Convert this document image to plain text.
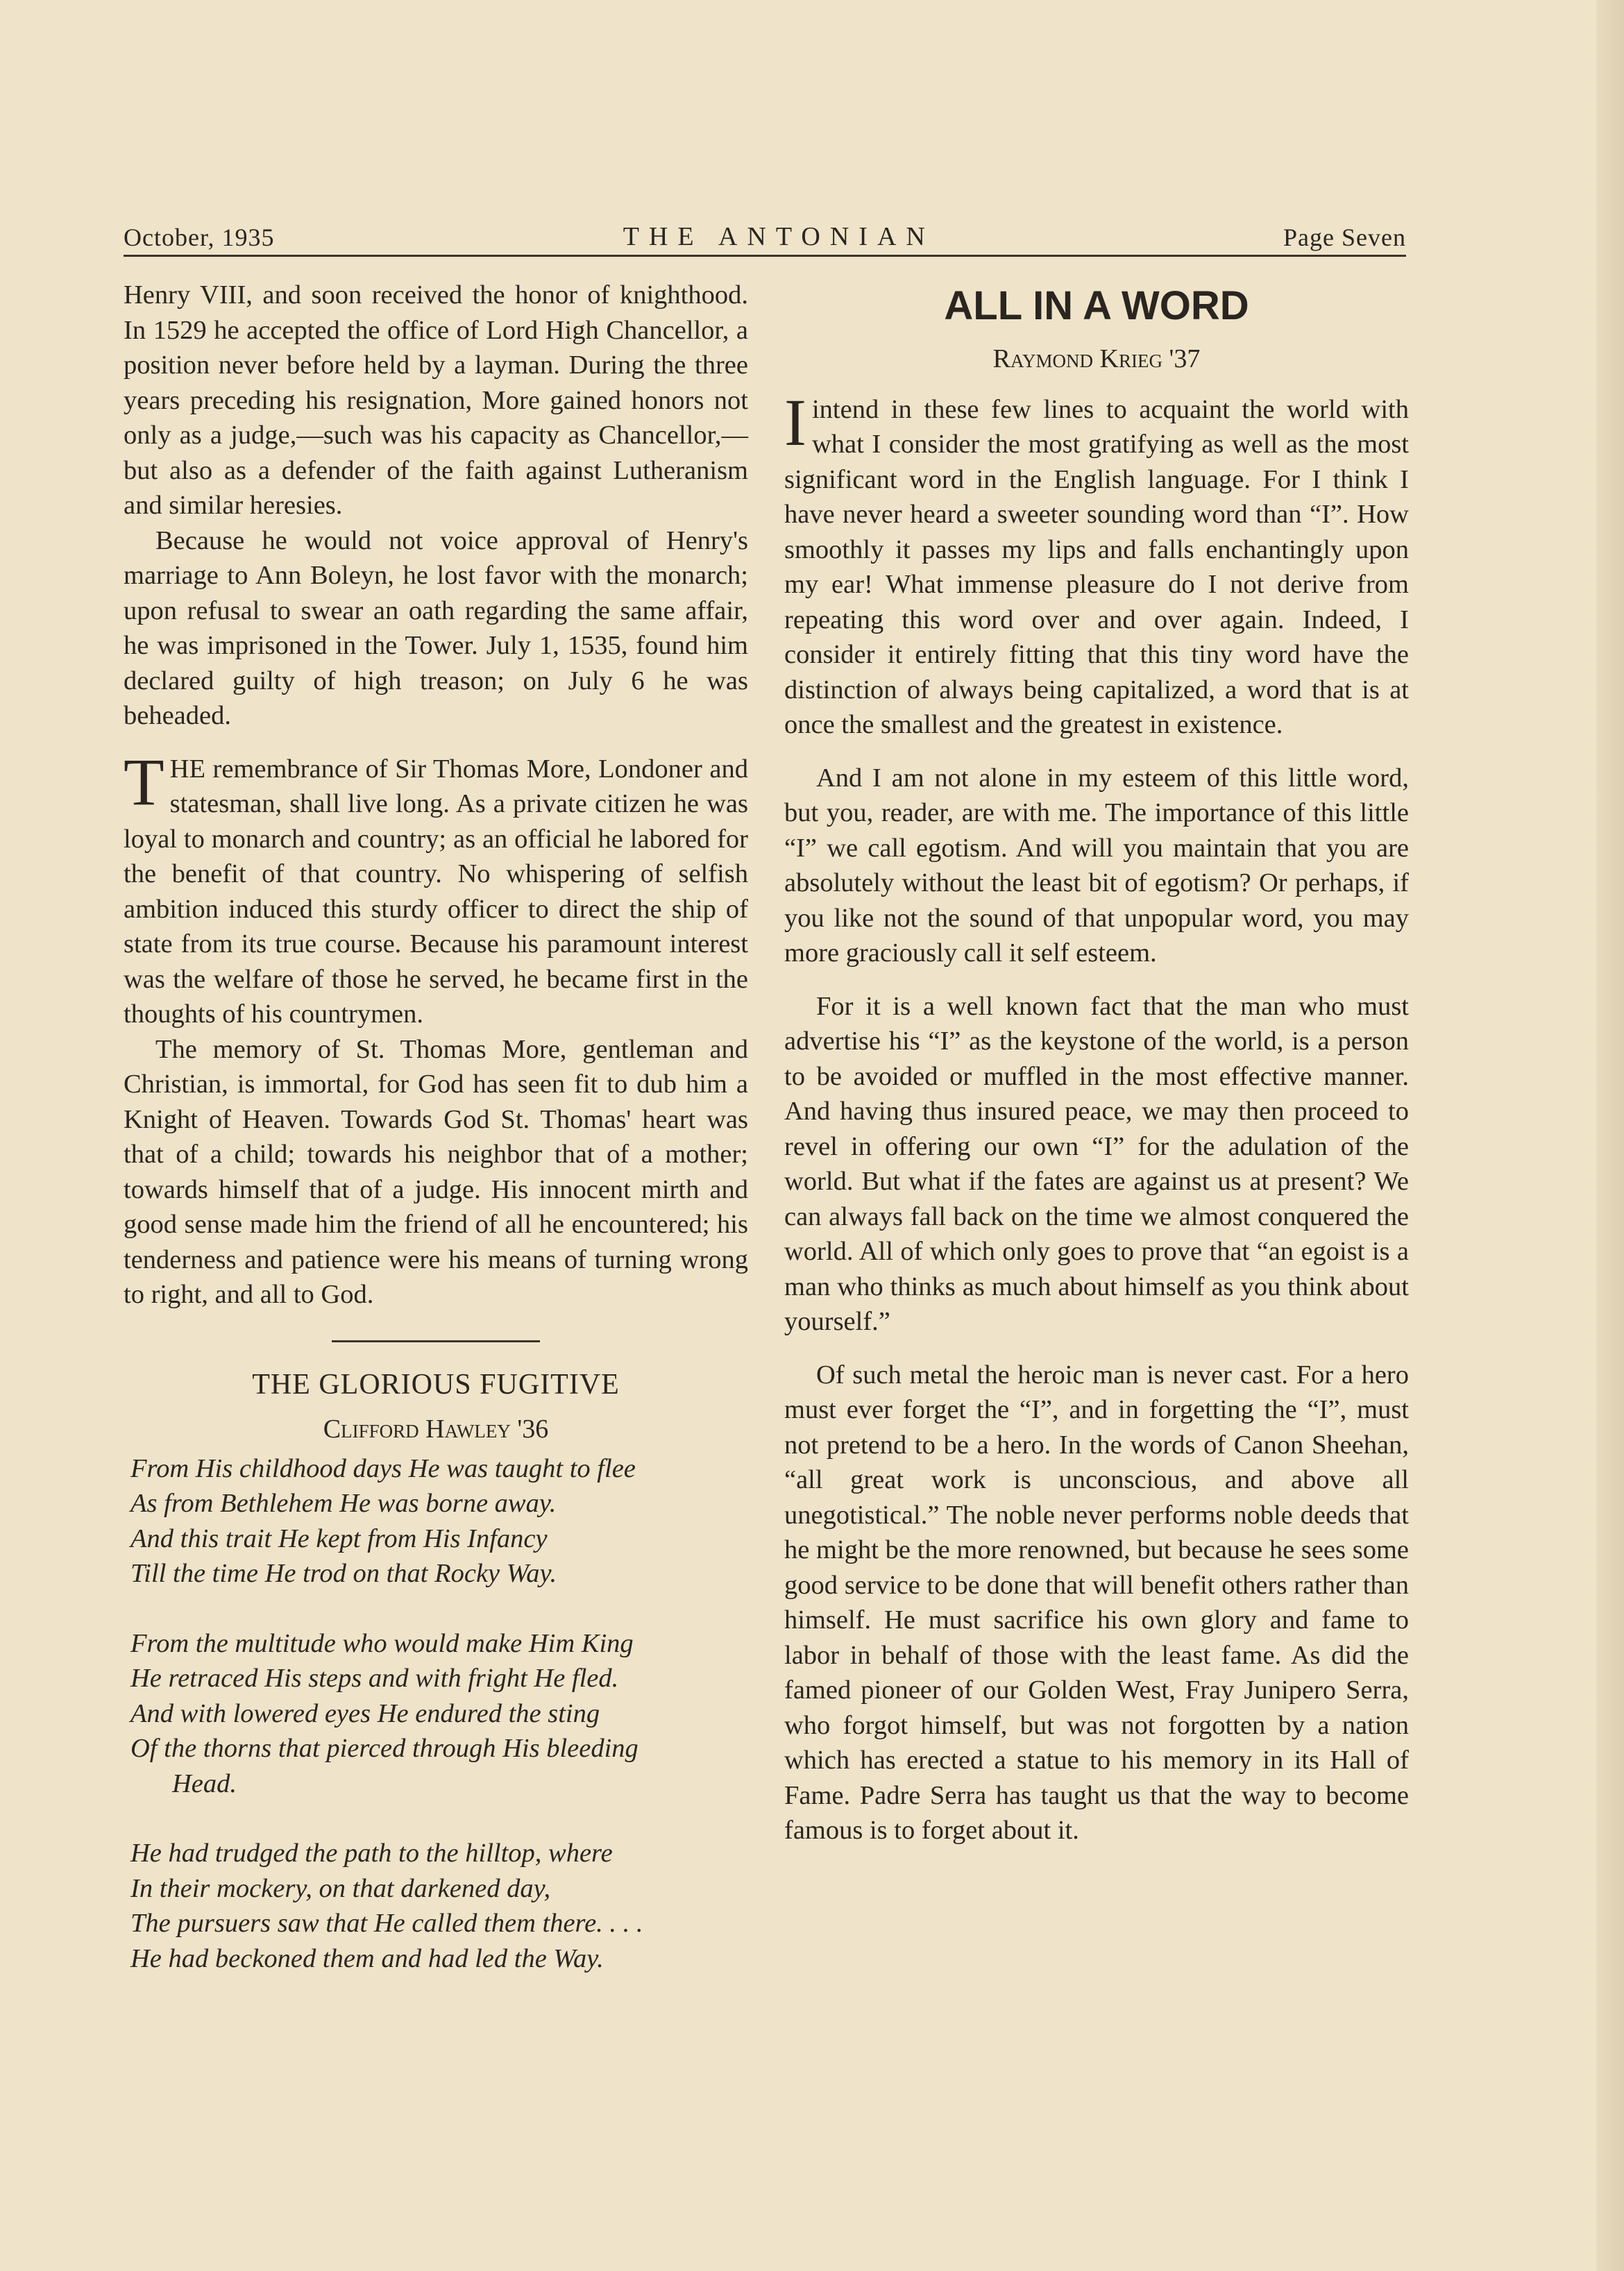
October, 1935	THE ANTONIAN	Page Seven

Henry VIII, and soon received the honor of knighthood. In 1529 he accepted the office of Lord High Chancellor, a position never before held by a layman. During the three years preceding his resignation, More gained honors not only as a judge,—such was his capacity as Chancellor,—but also as a defender of the faith against Lutheranism and similar heresies.

Because he would not voice approval of Henry's marriage to Ann Boleyn, he lost favor with the monarch; upon refusal to swear an oath regarding the same affair, he was imprisoned in the Tower. July 1, 1535, found him declared guilty of high treason; on July 6 he was beheaded.

THE remembrance of Sir Thomas More, Londoner and statesman, shall live long. As a private citizen he was loyal to monarch and country; as an official he labored for the benefit of that country. No whispering of selfish ambition induced this sturdy officer to direct the ship of state from its true course. Because his paramount interest was the welfare of those he served, he became first in the thoughts of his countrymen.

The memory of St. Thomas More, gentleman and Christian, is immortal, for God has seen fit to dub him a Knight of Heaven. Towards God St. Thomas' heart was that of a child; towards his neighbor that of a mother; towards himself that of a judge. His innocent mirth and good sense made him the friend of all he encountered; his tenderness and patience were his means of turning wrong to right, and all to God.

THE GLORIOUS FUGITIVE
Clifford Hawley '36
From His childhood days He was taught to flee
As from Bethlehem He was borne away.
And this trait He kept from His Infancy
Till the time He trod on that Rocky Way.
From the multitude who would make Him King
He retraced His steps and with fright He fled.
And with lowered eyes He endured the sting
Of the thorns that pierced through His bleeding
Head.
He had trudged the path to the hilltop, where
In their mockery, on that darkened day,
The pursuers saw that He called them there. . . .
He had beckoned them and had led the Way.
ALL IN A WORD
Raymond Krieg '37

Iintend in these few lines to acquaint the world with what I consider the most gratifying as well as the most significant word in the English language. For I think I have never heard a sweeter sounding word than “I”. How smoothly it passes my lips and falls enchantingly upon my ear! What immense pleasure do I not derive from repeating this word over and over again. Indeed, I consider it entirely fitting that this tiny word have the distinction of always being capitalized, a word that is at once the smallest and the greatest in existence.

And I am not alone in my esteem of this little word, but you, reader, are with me. The importance of this little “I” we call egotism. And will you maintain that you are absolutely without the least bit of egotism? Or perhaps, if you like not the sound of that unpopular word, you may more graciously call it self esteem.

For it is a well known fact that the man who must advertise his “I” as the keystone of the world, is a person to be avoided or muffled in the most effective manner. And having thus insured peace, we may then proceed to revel in offering our own “I” for the adulation of the world. But what if the fates are against us at present? We can always fall back on the time we almost conquered the world. All of which only goes to prove that “an egoist is a man who thinks as much about himself as you think about yourself.”

Of such metal the heroic man is never cast. For a hero must ever forget the “I”, and in forgetting the “I”, must not pretend to be a hero. In the words of Canon Sheehan, “all great work is unconscious, and above all unegotistical.” The noble never performs noble deeds that he might be the more renowned, but because he sees some good service to be done that will benefit others rather than himself. He must sacrifice his own glory and fame to labor in behalf of those with the least fame. As did the famed pioneer of our Golden West, Fray Junipero Serra, who forgot himself, but was not forgotten by a nation which has erected a statue to his memory in its Hall of Fame. Padre Serra has taught us that the way to become famous is to forget about it.
